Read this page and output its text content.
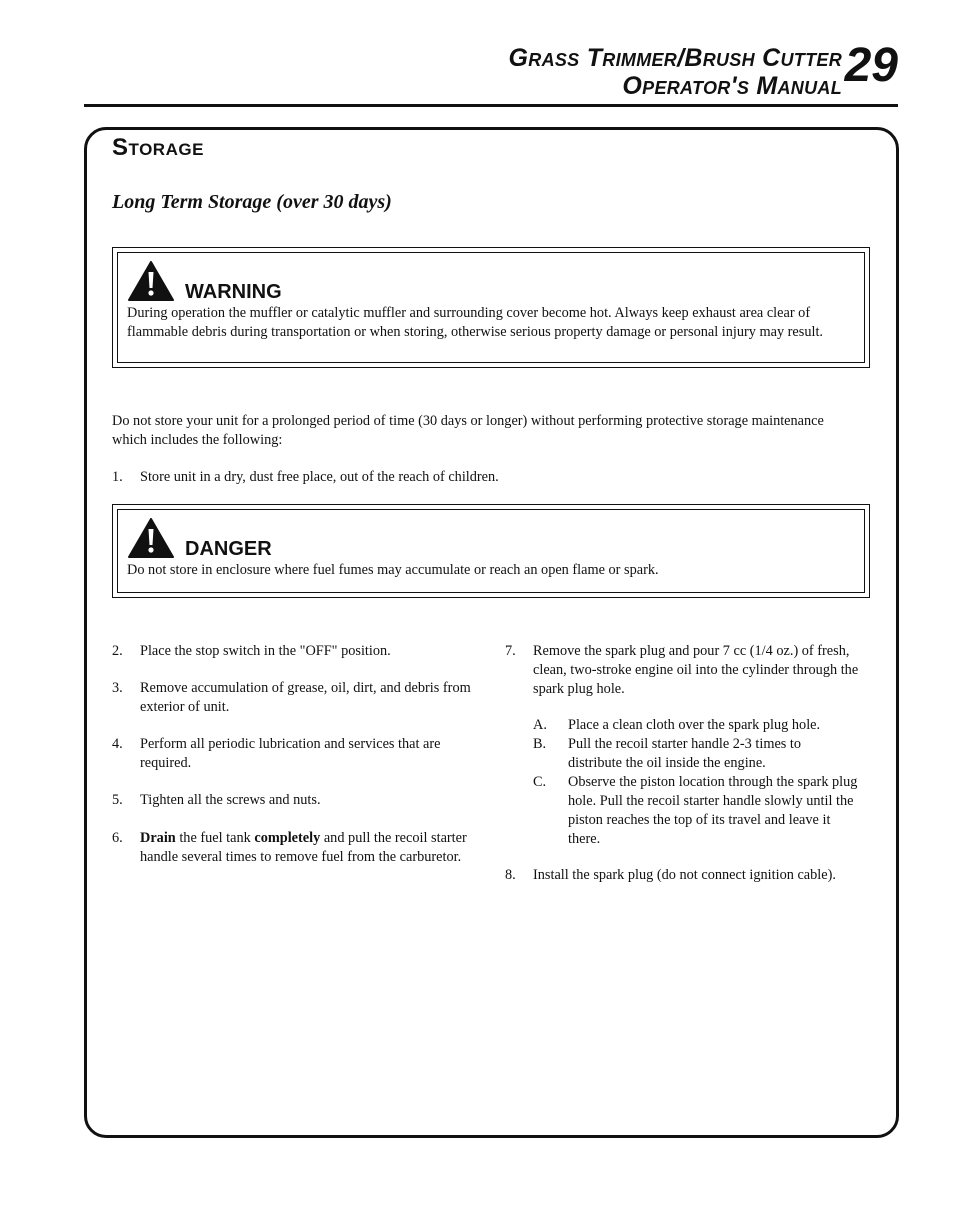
Grass Trimmer/Brush Cutter
Operator's Manual 29
Storage
Long Term Storage (over 30 days)
WARNING
During operation the muffler or catalytic muffler and surrounding cover become hot. Always keep exhaust area clear of flammable debris during transportation or when storing, otherwise serious property damage or personal injury may result.
Do not store your unit for a prolonged period of time (30 days or longer) without performing protective storage maintenance which includes the following:
1. Store unit in a dry, dust free place, out of the reach of children.
DANGER
Do not store in enclosure where fuel fumes may accumulate or reach an open flame or spark.
2. Place the stop switch in the "OFF" position.
3. Remove accumulation of grease, oil, dirt, and debris from exterior of unit.
4. Perform all periodic lubrication and services that are required.
5. Tighten all the screws and nuts.
6. Drain the fuel tank completely and pull the recoil starter handle several times to remove fuel from the carburetor.
7. Remove the spark plug and pour 7 cc (1/4 oz.) of fresh, clean, two-stroke engine oil into the cylinder through the spark plug hole.
A. Place a clean cloth over the spark plug hole.
B. Pull the recoil starter handle 2-3 times to distribute the oil inside the engine.
C. Observe the piston location through the spark plug hole. Pull the recoil starter handle slowly until the piston reaches the top of its travel and leave it there.
8. Install the spark plug (do not connect ignition cable).
